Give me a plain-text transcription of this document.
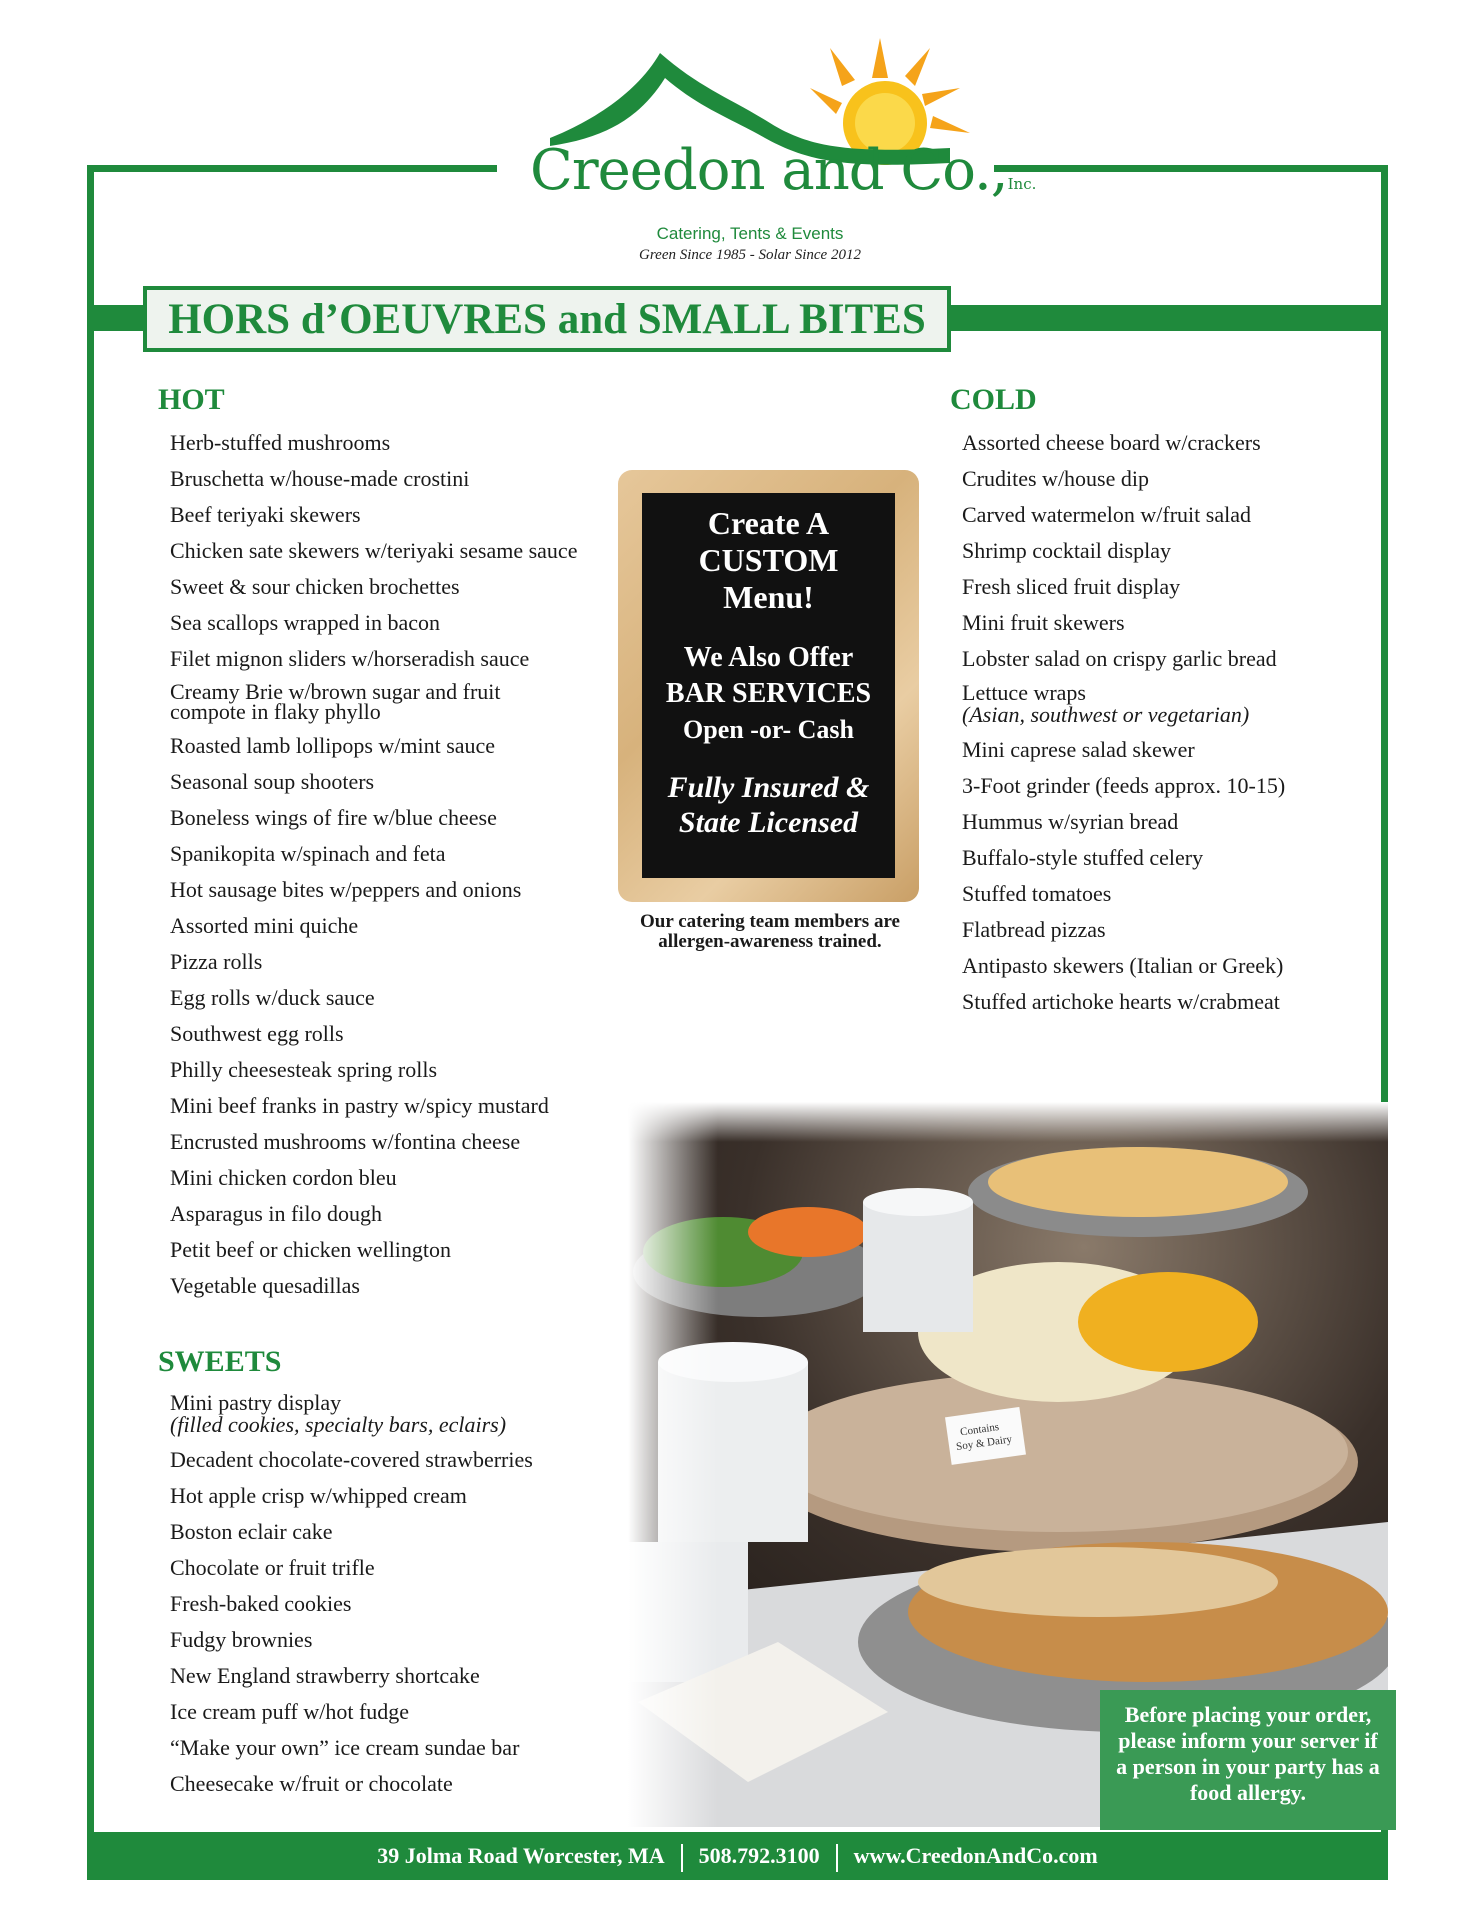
Creedon and Co.,Inc.
Catering, Tents & Events
Green Since 1985 - Solar Since 2012
HORS d’OEUVRES and SMALL BITES
HOT
Herb-stuffed mushrooms
Bruschetta w/house-made crostini
Beef teriyaki skewers
Chicken sate skewers w/teriyaki sesame sauce
Sweet & sour chicken brochettes
Sea scallops wrapped in bacon
Filet mignon sliders w/horseradish sauce
Creamy Brie w/brown sugar and fruit
compote in flaky phyllo
Roasted lamb lollipops w/mint sauce
Seasonal soup shooters
Boneless wings of fire w/blue cheese
Spanikopita w/spinach and feta
Hot sausage bites w/peppers and onions
Assorted mini quiche
Pizza rolls
Egg rolls w/duck sauce
Southwest egg rolls
Philly cheesesteak spring rolls
Mini beef franks in pastry w/spicy mustard
Encrusted mushrooms w/fontina cheese
Mini chicken cordon bleu
Asparagus in filo dough
Petit beef or chicken wellington
Vegetable quesadillas
COLD
Assorted cheese board w/crackers
Crudites w/house dip
Carved watermelon w/fruit salad
Shrimp cocktail display
Fresh sliced fruit display
Mini fruit skewers
Lobster salad on crispy garlic bread
Lettuce wraps
(Asian, southwest or vegetarian)
Mini caprese salad skewer
3-Foot grinder (feeds approx. 10-15)
Hummus w/syrian bread
Buffalo-style stuffed celery
Stuffed tomatoes
Flatbread pizzas
Antipasto skewers (Italian or Greek)
Stuffed artichoke hearts w/crabmeat
SWEETS
Mini pastry display
(filled cookies, specialty bars, eclairs)
Decadent chocolate-covered strawberries
Hot apple crisp w/whipped cream
Boston eclair cake
Chocolate or fruit trifle
Fresh-baked cookies
Fudgy brownies
New England strawberry shortcake
Ice cream puff w/hot fudge
“Make your own” ice cream sundae bar
Cheesecake w/fruit or chocolate
Create A
CUSTOM
Menu!
We Also Offer
BAR SERVICES
Open -or- Cash
Fully Insured &
State Licensed
Our catering team members are allergen-awareness trained.
Contains
Soy & Dairy
Before placing your order, please inform your server if a person in your party has a food allergy.
39 Jolma Road Worcester, MA 508.792.3100 www.CreedonAndCo.com
